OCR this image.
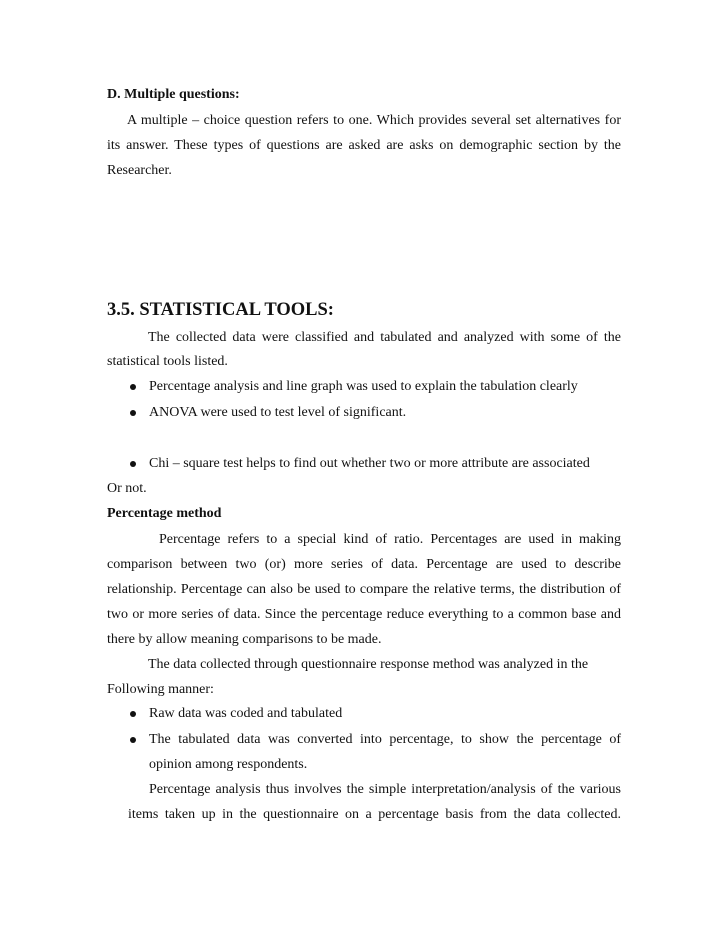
D. Multiple questions:
A multiple – choice question refers to one. Which provides several set alternatives for
its answer. These types of questions are asked are asks on demographic section by the
Researcher.
3.5. STATISTICAL TOOLS:
The collected data were classified and tabulated and analyzed with some of the
statistical tools listed.
Percentage analysis and line graph was used to explain the tabulation clearly
ANOVA were used to test level of significant.
Chi – square test helps to find out whether two or more attribute are associated
Or not.
Percentage method
Percentage refers to a special kind of ratio. Percentages are used in making
comparison between two (or) more series of data. Percentage are used to describe
relationship. Percentage can also be used to compare the relative terms, the distribution of
two or more series of data. Since the percentage reduce everything to a common base and
there by allow meaning comparisons to be made.
The data collected through questionnaire response method was analyzed in the
Following manner:
Raw data was coded and tabulated
The tabulated data was converted into percentage, to show the percentage of
opinion among respondents.
Percentage analysis thus involves the simple interpretation/analysis of the various
items taken up in the questionnaire on a percentage basis from the data collected.
